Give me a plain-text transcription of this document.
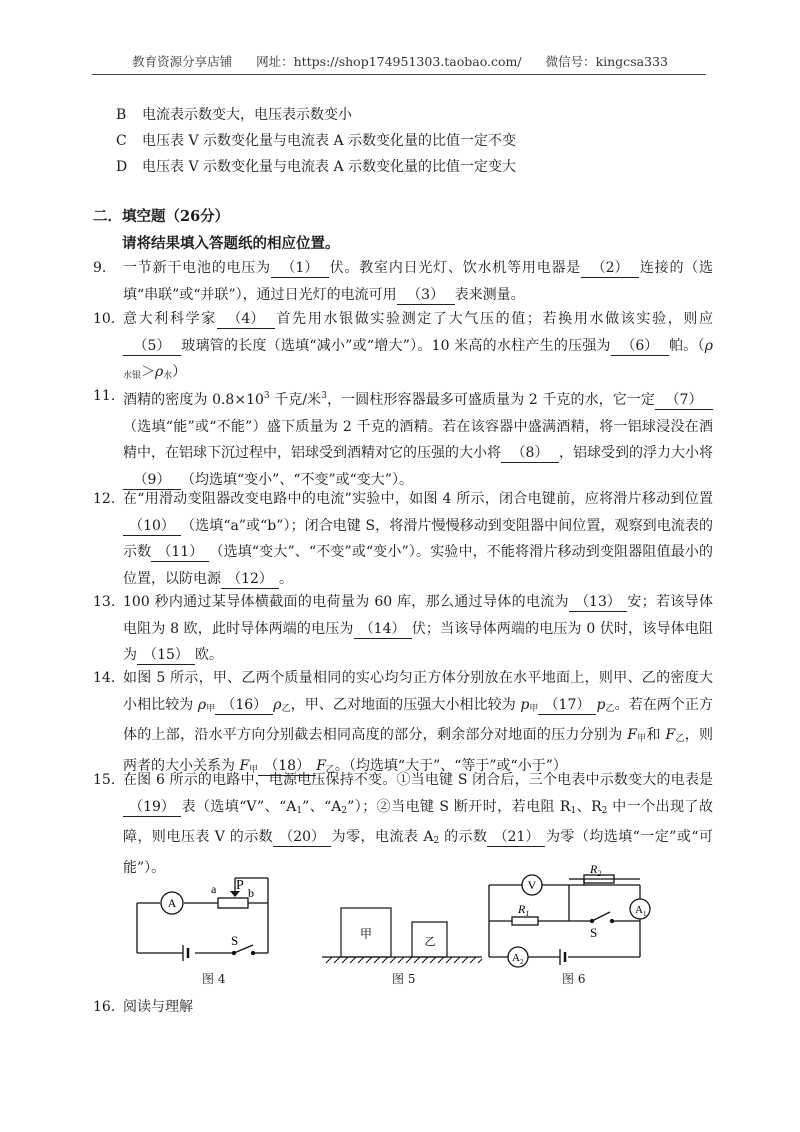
教育资源分享店铺 网址：https://shop174951303.taobao.com/ 微信号：kingcsa333
B 电流表示数变大，电压表示数变小
C 电压表 V 示数变化量与电流表 A 示数变化量的比值一定不变
D 电压表 V 示数变化量与电流表 A 示数变化量的比值一定变大
二．填空题（26分）
请将结果填入答题纸的相应位置。
9.	一节新干电池的电压为 （1） 伏。教室内日光灯、饮水机等用电器是 （2） 连接的（选填“串联”或“并联”），通过日光灯的电流可用 （3） 表来测量。
10. 意大利科学家 （4） 首先用水银做实验测定了大气压的值；若换用水做该实验，则应（5） 玻璃管的长度（选填“减小”或“增大”）。10 米高的水柱产生的压强为 （6） 帕。$(\rho_{水银}>\rho_水)$
11. 酒精的密度为 $0.8\times 10^3$ 千克/米$^3$，一圆柱形容器最多可盛质量为 2 千克的水，它一定 （7）（选填“能”或“不能”）盛下质量为 2 千克的酒精。若在该容器中盛满酒精，将一铝球浸没在酒精中，在铝球下沉过程中，铝球受到酒精对它的压强的大小将 （8） ，铝球受到的浮力大小将（9） （均选填“变小”、“不变”或“变大”）。
12. 在“用滑动变阻器改变电路中的电流”实验中，如图 4 所示，闭合电键前，应将滑片移动到位置（10） （选填“a”或“b”）；闭合电键 S，将滑片慢慢移动到变阻器中间位置，观察到电流表的示数 （11） （选填“变大”、“不变”或“变小”）。实验中，不能将滑片移动到变阻器阻值最小的位置，以防电源 （12） 。
13. 100 秒内通过某导体横截面的电荷量为 60 库，那么通过导体的电流为 （13） 安；若该导体电阻为 8 欧，此时导体两端的电压为 （14） 伏；当该导体两端的电压为 0 伏时，该导体电阻为 （15） 欧。
14. 如图 5 所示，甲、乙两个质量相同的实心均匀正方体分别放在水平地面上，则甲、乙的密度大小相比较为 $\rho_甲$ （16） $\rho_乙$，甲、乙对地面的压强大小相比较为 $p_甲$ （17） $p_乙$。若在两个正方体的上部，沿水平方向分别截去相同高度的部分，剩余部分对地面的压力分别为 $F_甲$和 $F_乙$，则两者的大小关系为 $F_甲$ （18） $F_乙$。（均选填“大于”、“等于”或“小于”）
15. 在图 6 所示的电路中，电源电压保持不变。①当电键 S 闭合后，三个电表中示数变大的电表是（19） 表（选填“V”、“$A_1$”、“$A_2$”）；②当电键 S 断开时，若电阻 $R_1$、$R_2$ 中一个出现了故障，则电压表 V 的示数 （20） 为零，电流表 $A_2$ 的示数 （21） 为零（均选填“一定”或“可能”）。
A
a P b
S	甲
乙
V
$R_2$
$R_1$	$A_1$
$A_2$
S
图 4	图 5	图 6
16. 阅读与理解
